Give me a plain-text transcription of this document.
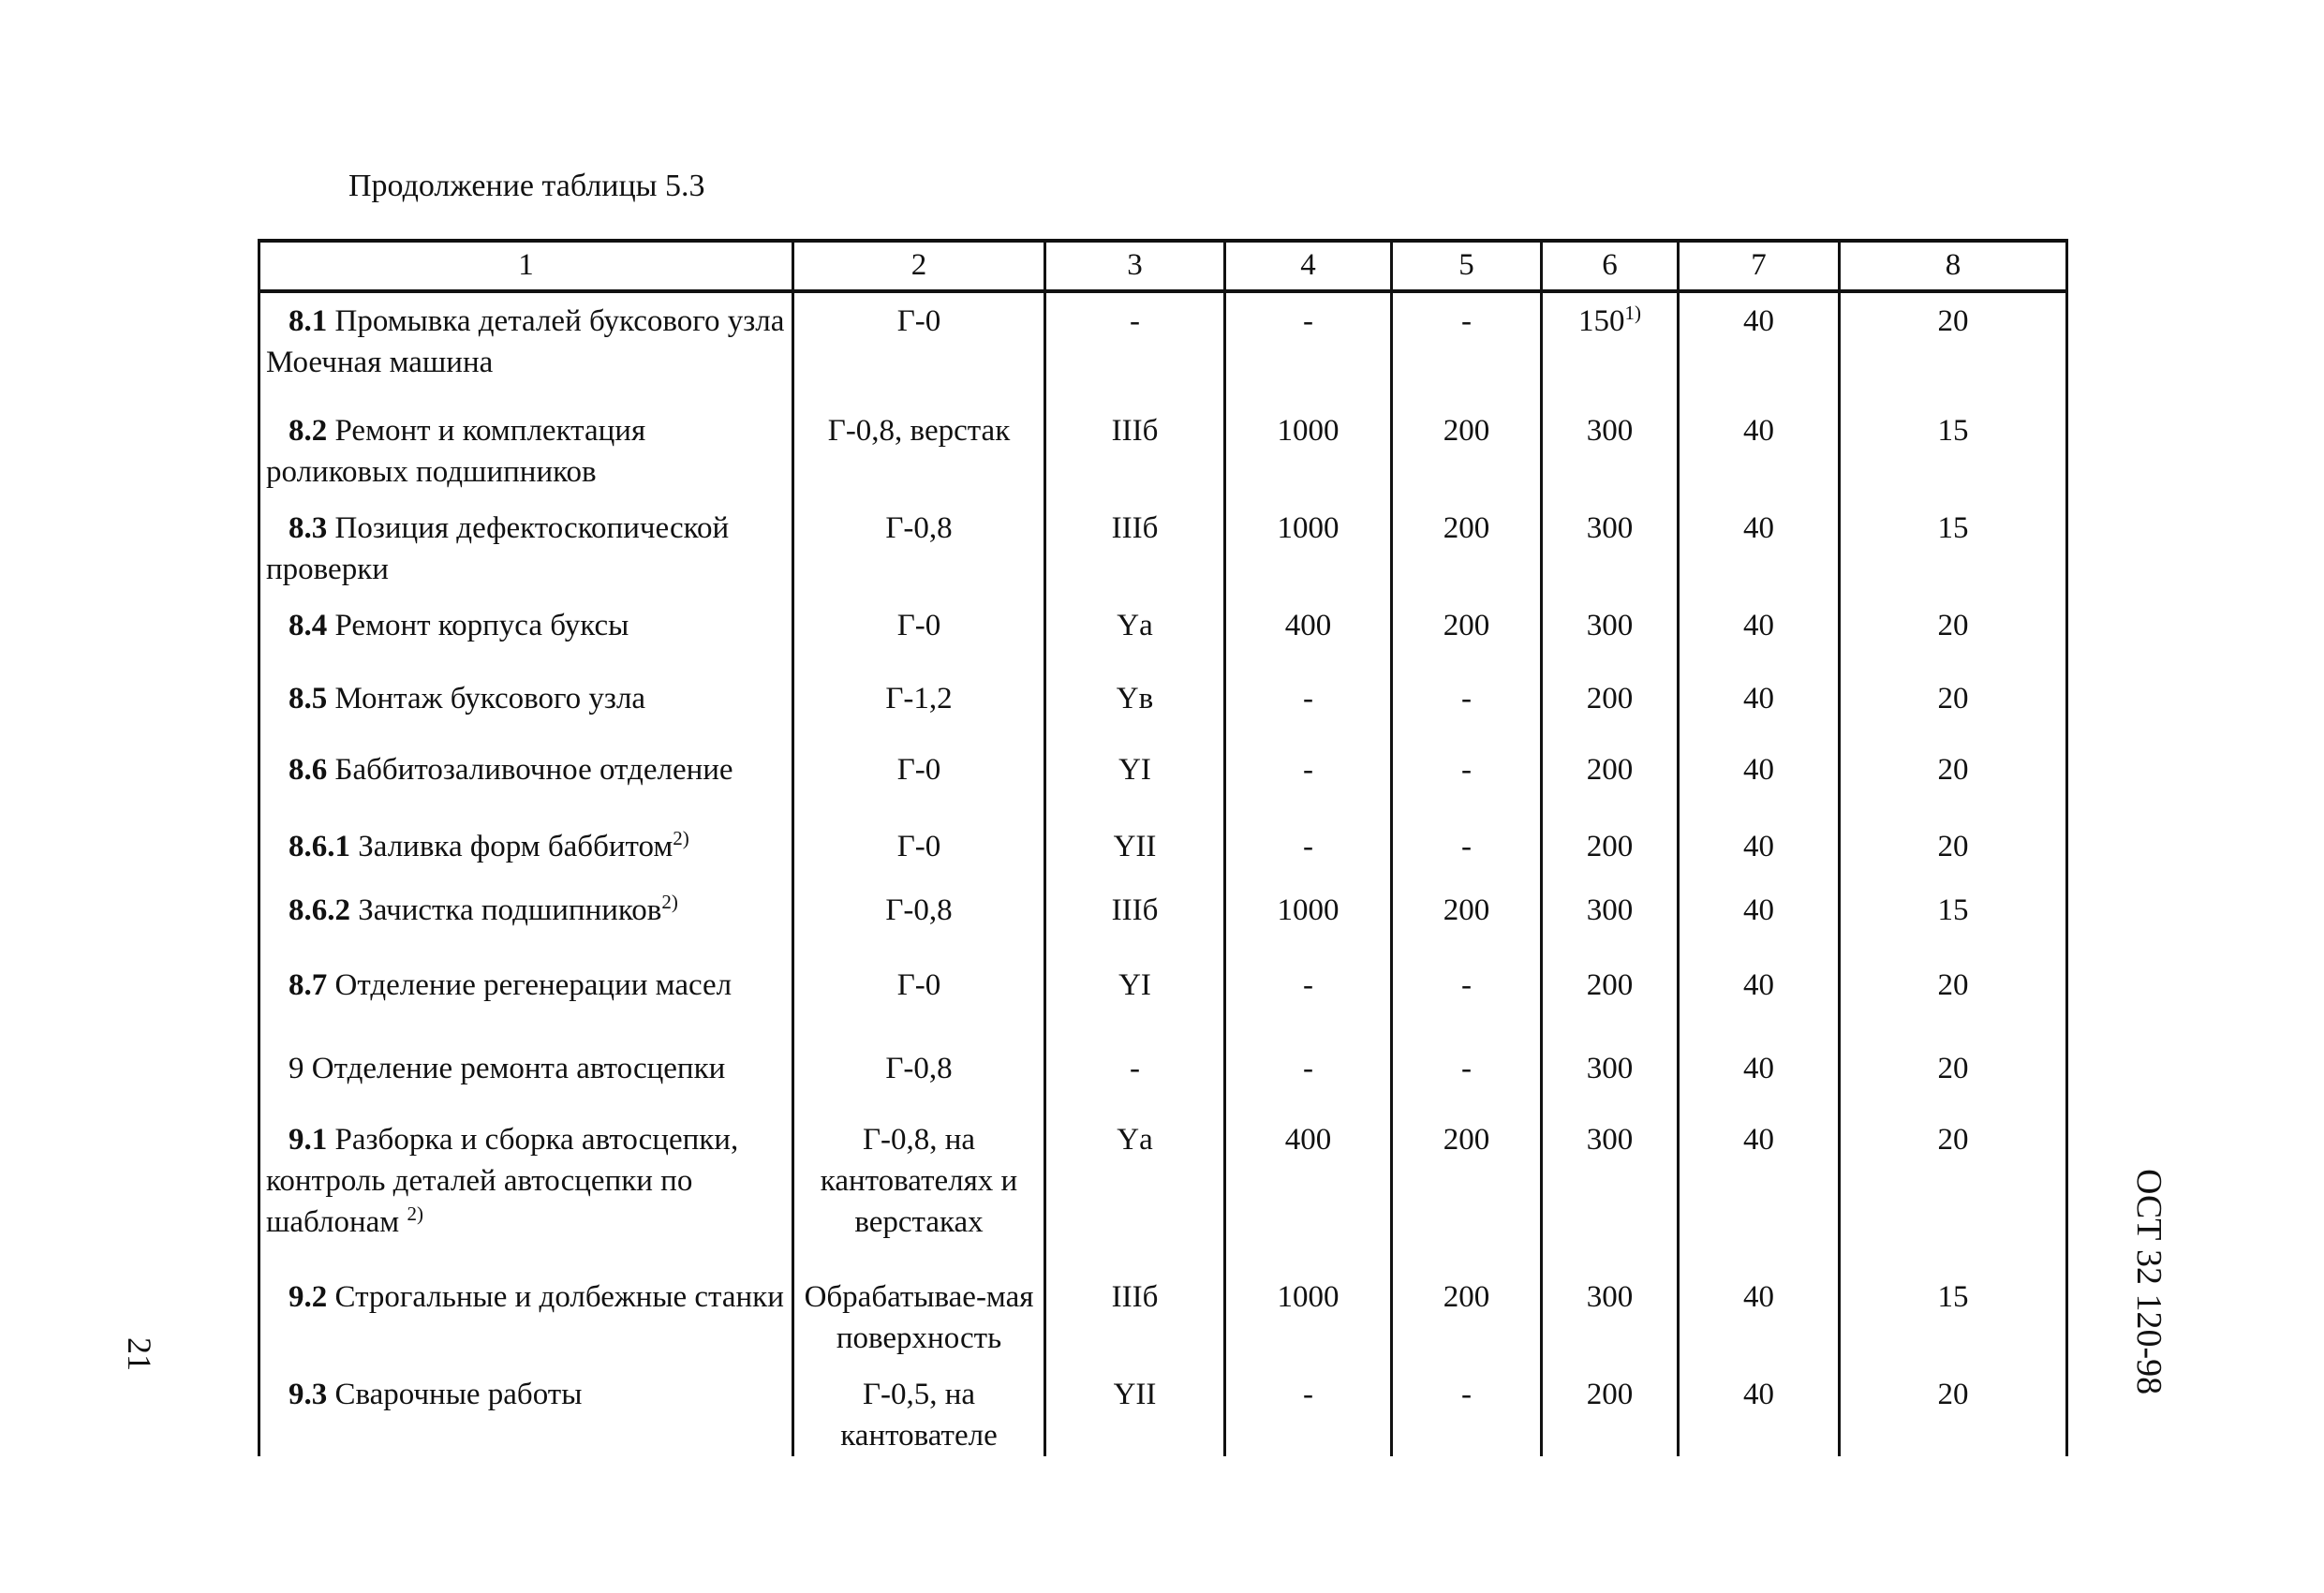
Продолжение таблицы 5.3
1	2	3	4	5	6	7	8
8.1 Промывка деталей буксового узла Моечная машина	Г-0	-	-	-	150$^{1)}$	40	20
8.2 Ремонт и комплектация роликовых подшипников	Г-0,8, верстак	IIIб	1000	200	300	40	15
8.3 Позиция дефектоскопической проверки	Г-0,8	IIIб	1000	200	300	40	15
8.4 Ремонт корпуса буксы	Г-0	Yа	400	200	300	40	20
8.5 Монтаж буксового узла	Г-1,2	Yв	-	-	200	40	20
8.6 Баббитозаливочное отделение	Г-0	YI	-	-	200	40	20
8.6.1 Заливка форм баббитом$^{2)}$	Г-0	YII	-	-	200	40	20
8.6.2 Зачистка подшипников$^{2)}$	Г-0,8	IIIб	1000	200	300	40	15
8.7 Отделение регенерации масел	Г-0	YI	-	-	200	40	20
9 Отделение ремонта автосцепки	Г-0,8	-	-	-	300	40	20
9.1 Разборка и сборка автосцепки, контроль деталей автосцепки по шаблонам $^{2)}$	Г-0,8, на кантователях и верстаках	Yа	400	200	300	40	20
9.2 Строгальные и долбежные станки	Обрабатывае-мая поверхность	IIIб	1000	200	300	40	15
9.3 Сварочные работы	Г-0,5, на кантователе	YII	-	-	200	40	20
21	ОСТ 32 120-98
